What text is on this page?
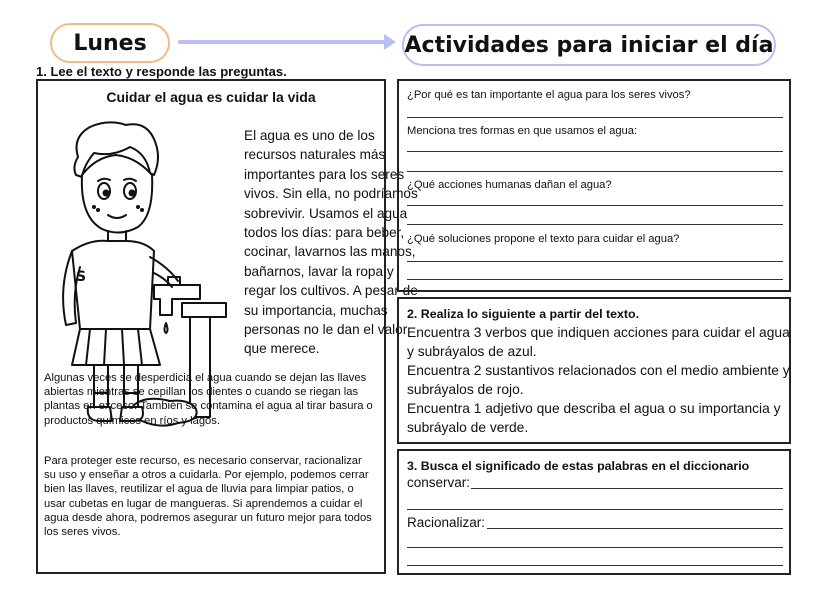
Lunes	Actividades para iniciar el día
1. Lee el texto y responde las preguntas.
Cuidar el agua es cuidar la vida
S
El agua es uno de los
recursos naturales más
importantes para los seres
vivos. Sin ella, no podríamos
sobrevivir. Usamos el agua
todos los días: para beber,
cocinar, lavarnos las manos,
bañarnos, lavar la ropa y
regar los cultivos. A pesar de
su importancia, muchas
personas no le dan el valor
que merece.
Algunas veces se desperdicia el agua cuando se dejan las llaves
abiertas mientras se cepillan los dientes o cuando se riegan las
plantas en exceso. También se contamina el agua al tirar basura o
productos químicos en ríos y lagos.
Para proteger este recurso, es necesario conservar, racionalizar
su uso y enseñar a otros a cuidarla. Por ejemplo, podemos cerrar
bien las llaves, reutilizar el agua de lluvia para limpiar patios, o
usar cubetas en lugar de mangueras. Si aprendemos a cuidar el
agua desde ahora, podremos asegurar un futuro mejor para todos
los seres vivos.
¿Por qué es tan importante el agua para los seres vivos?
Menciona tres formas en que usamos el agua:
¿Qué acciones humanas dañan el agua?
¿Qué soluciones propone el texto para cuidar el agua?
2. Realiza lo siguiente a partir del texto.
Encuentra 3 verbos que indiquen acciones para cuidar el agua
y subráyalos de azul.
Encuentra 2 sustantivos relacionados con el medio ambiente y
subráyalos de rojo.
Encuentra 1 adjetivo que describa el agua o su importancia y
subráyalo de verde.
3. Busca el significado de estas palabras en el diccionario
conservar:
Racionalizar:
